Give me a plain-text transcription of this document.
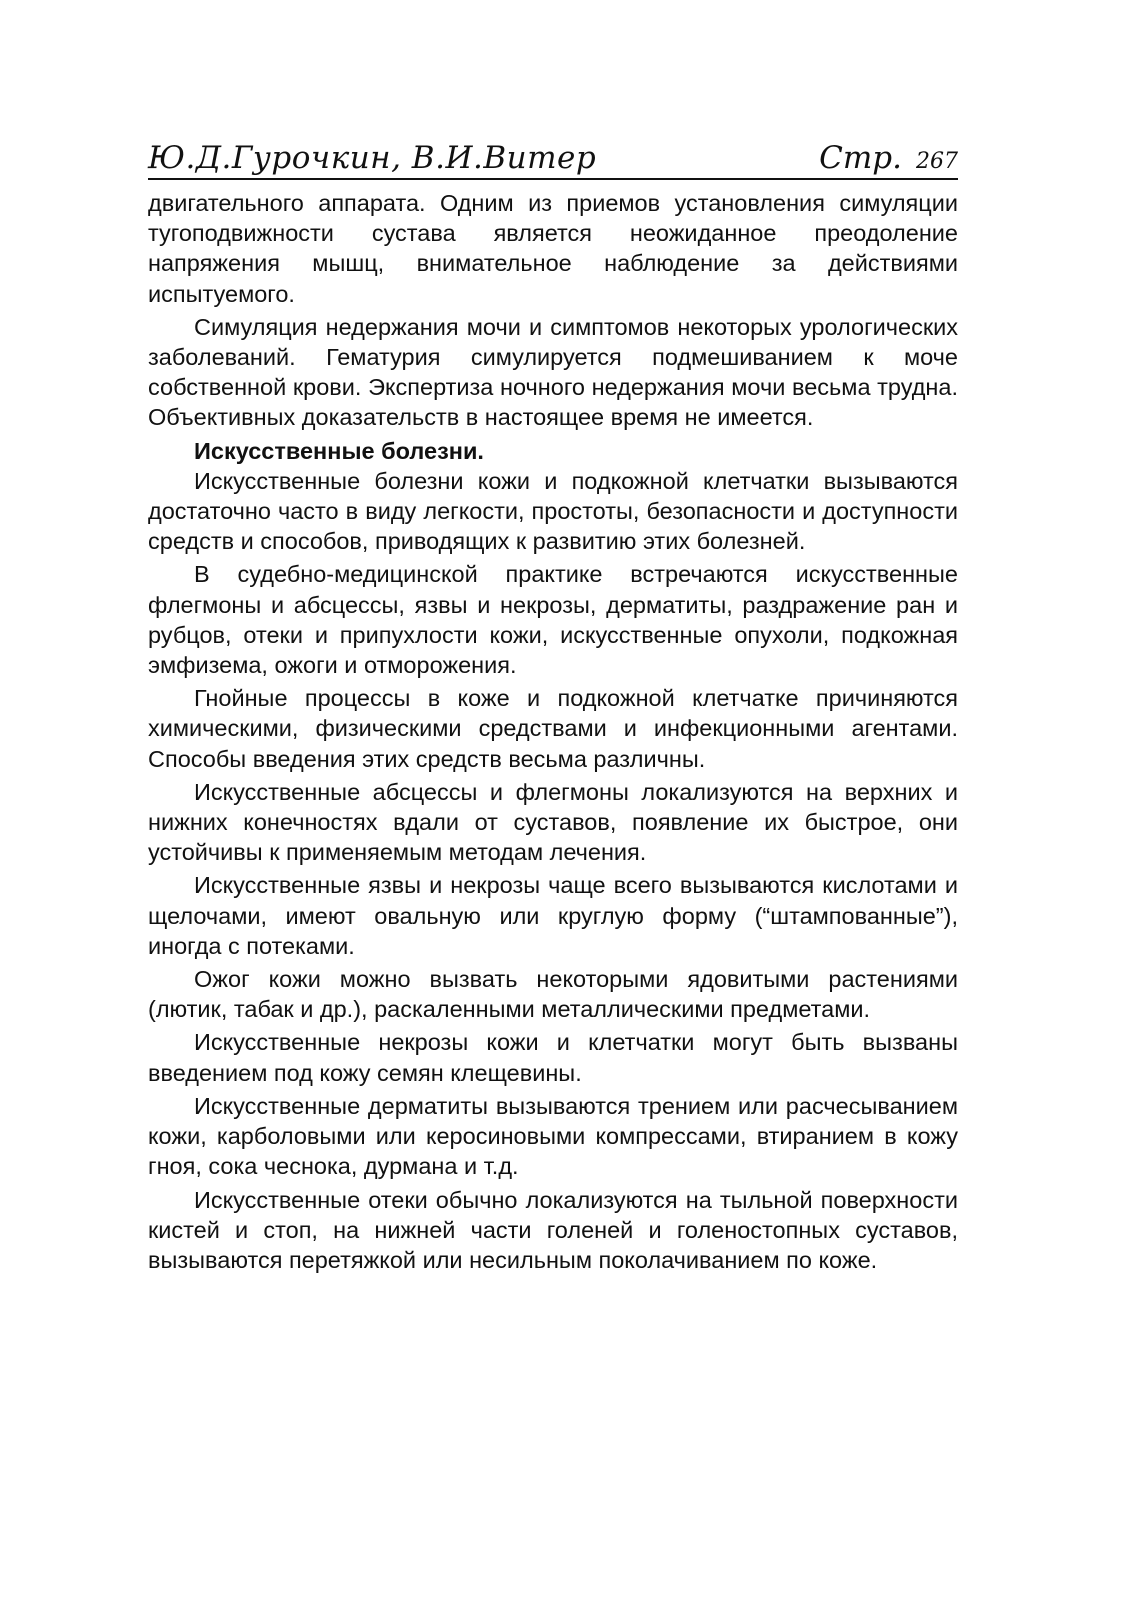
Ю.Д.Гурочкин, В.И.Витер	Стр. 267

двигательного аппарата. Одним из приемов установления симуляции тугоподвижности сустава является неожиданное преодоление напряжения мышц, внимательное наблюдение за действиями испытуемого.

Симуляция недержания мочи и симптомов некоторых урологических заболеваний. Гематурия симулируется подмешиванием к моче собственной крови. Экспертиза ночного недержания мочи весьма трудна. Объективных доказательств в настоящее время не имеется.

Искусственные болезни.

Искусственные болезни кожи и подкожной клетчатки вызываются достаточно часто в виду легкости, простоты, безопасности и доступности средств и способов, приводящих к развитию этих болезней.

В судебно-медицинской практике встречаются искусственные флегмоны и абсцессы, язвы и некрозы, дерматиты, раздражение ран и рубцов, отеки и припухлости кожи, искусственные опухоли, подкожная эмфизема, ожоги и отморожения.

Гнойные процессы в коже и подкожной клетчатке причиняются химическими, физическими средствами и инфекционными агентами. Способы введения этих средств весьма различны.

Искусственные абсцессы и флегмоны локализуются на верхних и нижних конечностях вдали от суставов, появление их быстрое, они устойчивы к применяемым методам лечения.

Искусственные язвы и некрозы чаще всего вызываются кислотами и щелочами, имеют овальную или круглую форму (“штампованные”), иногда с потеками.

Ожог кожи можно вызвать некоторыми ядовитыми растениями (лютик, табак и др.), раскаленными металлическими предметами.

Искусственные некрозы кожи и клетчатки могут быть вызваны введением под кожу семян клещевины.

Искусственные дерматиты вызываются трением или расчесыванием кожи, карболовыми или керосиновыми компрессами, втиранием в кожу гноя, сока чеснока, дурмана и т.д.

Искусственные отеки обычно локализуются на тыльной поверхности кистей и стоп, на нижней части голеней и голеностопных суставов, вызываются перетяжкой или несильным поколачиванием по коже.
